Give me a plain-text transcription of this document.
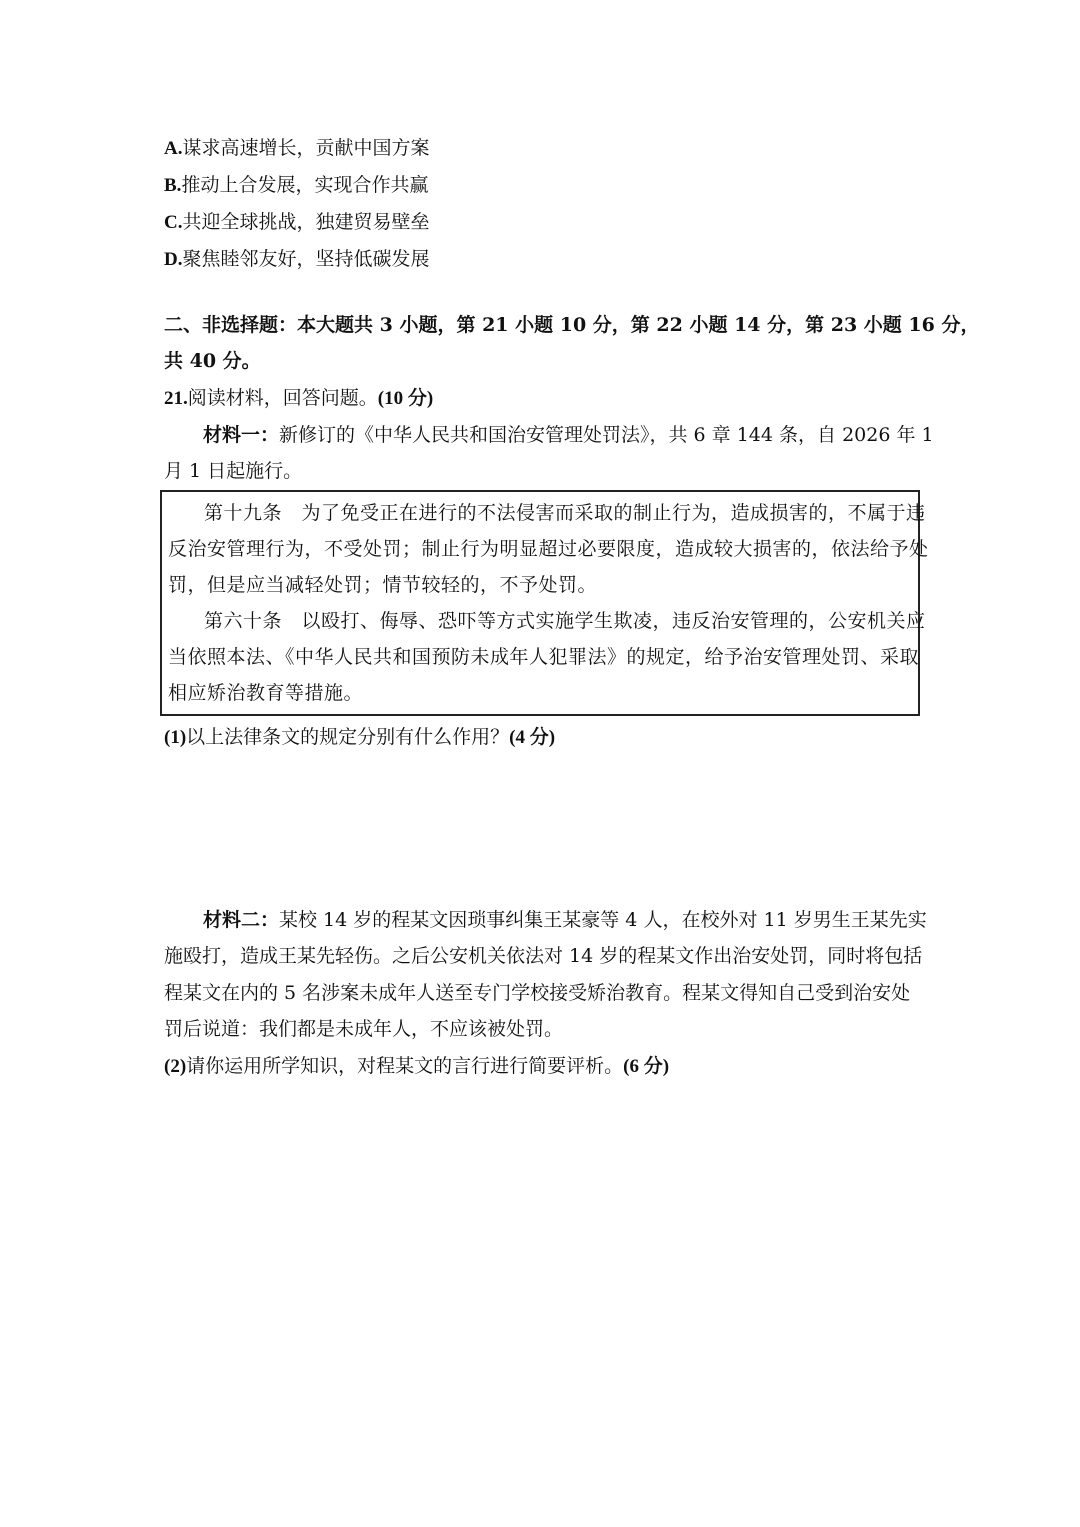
A.谋求高速增长，贡献中国方案
B.推动上合发展，实现合作共赢
C.共迎全球挑战，独建贸易壁垒
D.聚焦睦邻友好，坚持低碳发展
二、非选择题：本大题共 3 小题，第 21 小题 10 分，第 22 小题 14 分，第 23 小题 16 分，
共 40 分。
21.阅读材料，回答问题。(10 分)
材料一：新修订的《中华人民共和国治安管理处罚法》，共 6 章 144 条，自 2026 年 1
月 1 日起施行。
第十九条　为了免受正在进行的不法侵害而采取的制止行为，造成损害的，不属于违
反治安管理行为，不受处罚；制止行为明显超过必要限度，造成较大损害的，依法给予处
罚，但是应当减轻处罚；情节较轻的，不予处罚。
第六十条　以殴打、侮辱、恐吓等方式实施学生欺凌，违反治安管理的，公安机关应
当依照本法、《中华人民共和国预防未成年人犯罪法》的规定，给予治安管理处罚、采取
相应矫治教育等措施。
(1)以上法律条文的规定分别有什么作用？(4 分)
材料二：某校 14 岁的程某文因琐事纠集王某豪等 4 人，在校外对 11 岁男生王某先实
施殴打，造成王某先轻伤。之后公安机关依法对 14 岁的程某文作出治安处罚，同时将包括
程某文在内的 5 名涉案未成年人送至专门学校接受矫治教育。程某文得知自己受到治安处
罚后说道：我们都是未成年人，不应该被处罚。
(2)请你运用所学知识，对程某文的言行进行简要评析。(6 分)
